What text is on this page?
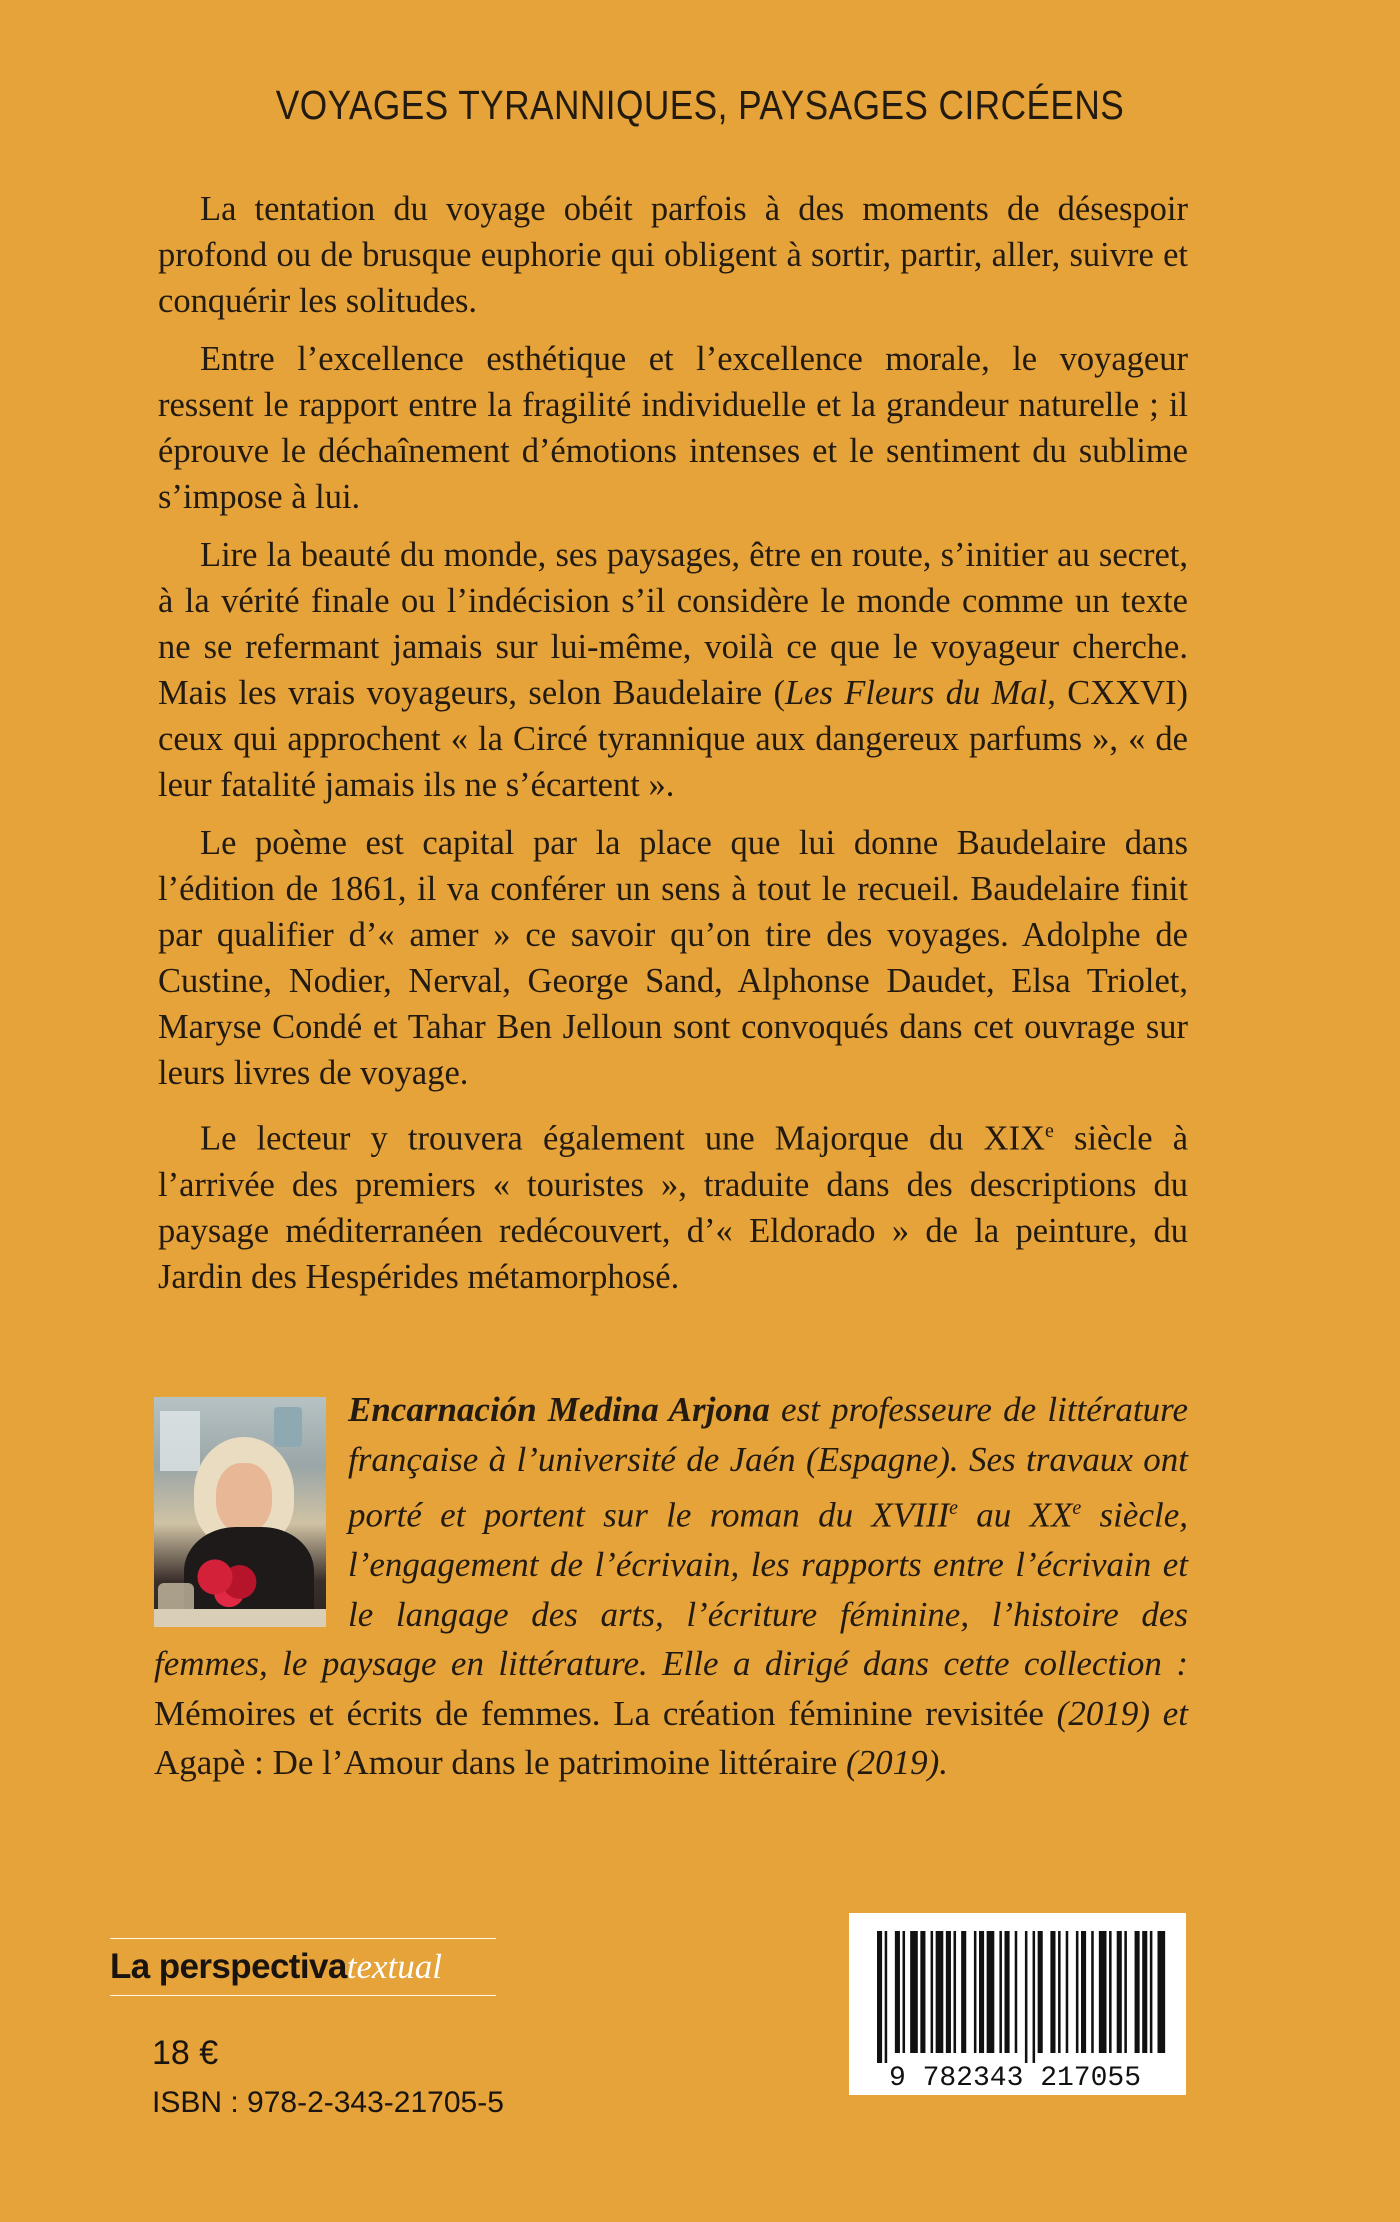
VOYAGES TYRANNIQUES, PAYSAGES CIRCÉENS

La tentation du voyage obéit parfois à des moments de désespoir profond ou de brusque euphorie qui obligent à sortir, partir, aller, suivre et conquérir les solitudes.

Entre l’excellence esthétique et l’excellence morale, le voyageur ressent le rapport entre la fragilité individuelle et la grandeur naturelle ; il éprouve le déchaînement d’émotions intenses et le sentiment du sublime s’impose à lui.

Lire la beauté du monde, ses paysages, être en route, s’initier au secret, à la vérité finale ou l’indécision s’il considère le monde comme un texte ne se refermant jamais sur lui-même, voilà ce que le voyageur cherche. Mais les vrais voyageurs, selon Baudelaire (Les Fleurs du Mal, CXXVI) ceux qui approchent « la Circé tyrannique aux dangereux parfums », « de leur fatalité jamais ils ne s’écartent ».

Le poème est capital par la place que lui donne Baudelaire dans l’édition de 1861, il va conférer un sens à tout le recueil. Baudelaire finit par qualifier d’« amer » ce savoir qu’on tire des voyages. Adolphe de Custine, Nodier, Nerval, George Sand, Alphonse Daudet, Elsa Triolet, Maryse Condé et Tahar Ben Jelloun sont convoqués dans cet ouvrage sur leurs livres de voyage.

Le lecteur y trouvera également une Majorque du XIXe siècle à l’arrivée des premiers « touristes », traduite dans des descriptions du paysage méditerranéen redécouvert, d’« Eldorado » de la peinture, du Jardin des Hespérides métamorphosé.

Encarnación Medina Arjona est professeure de littérature française à l’université de Jaén (Espagne). Ses travaux ont porté et portent sur le roman du XVIIIe au XXe siècle, l’engagement de l’écrivain, les rapports entre l’écrivain et le langage des arts, l’écriture féminine, l’histoire des femmes, le paysage en littérature. Elle a dirigé dans cette collection : Mémoires et écrits de femmes. La création féminine revisitée (2019) et Agapè : De l’Amour dans le patrimoine littéraire (2019).
La perspectivatextual
18 €
ISBN : 978-2-343-21705-5
9 782343 217055
